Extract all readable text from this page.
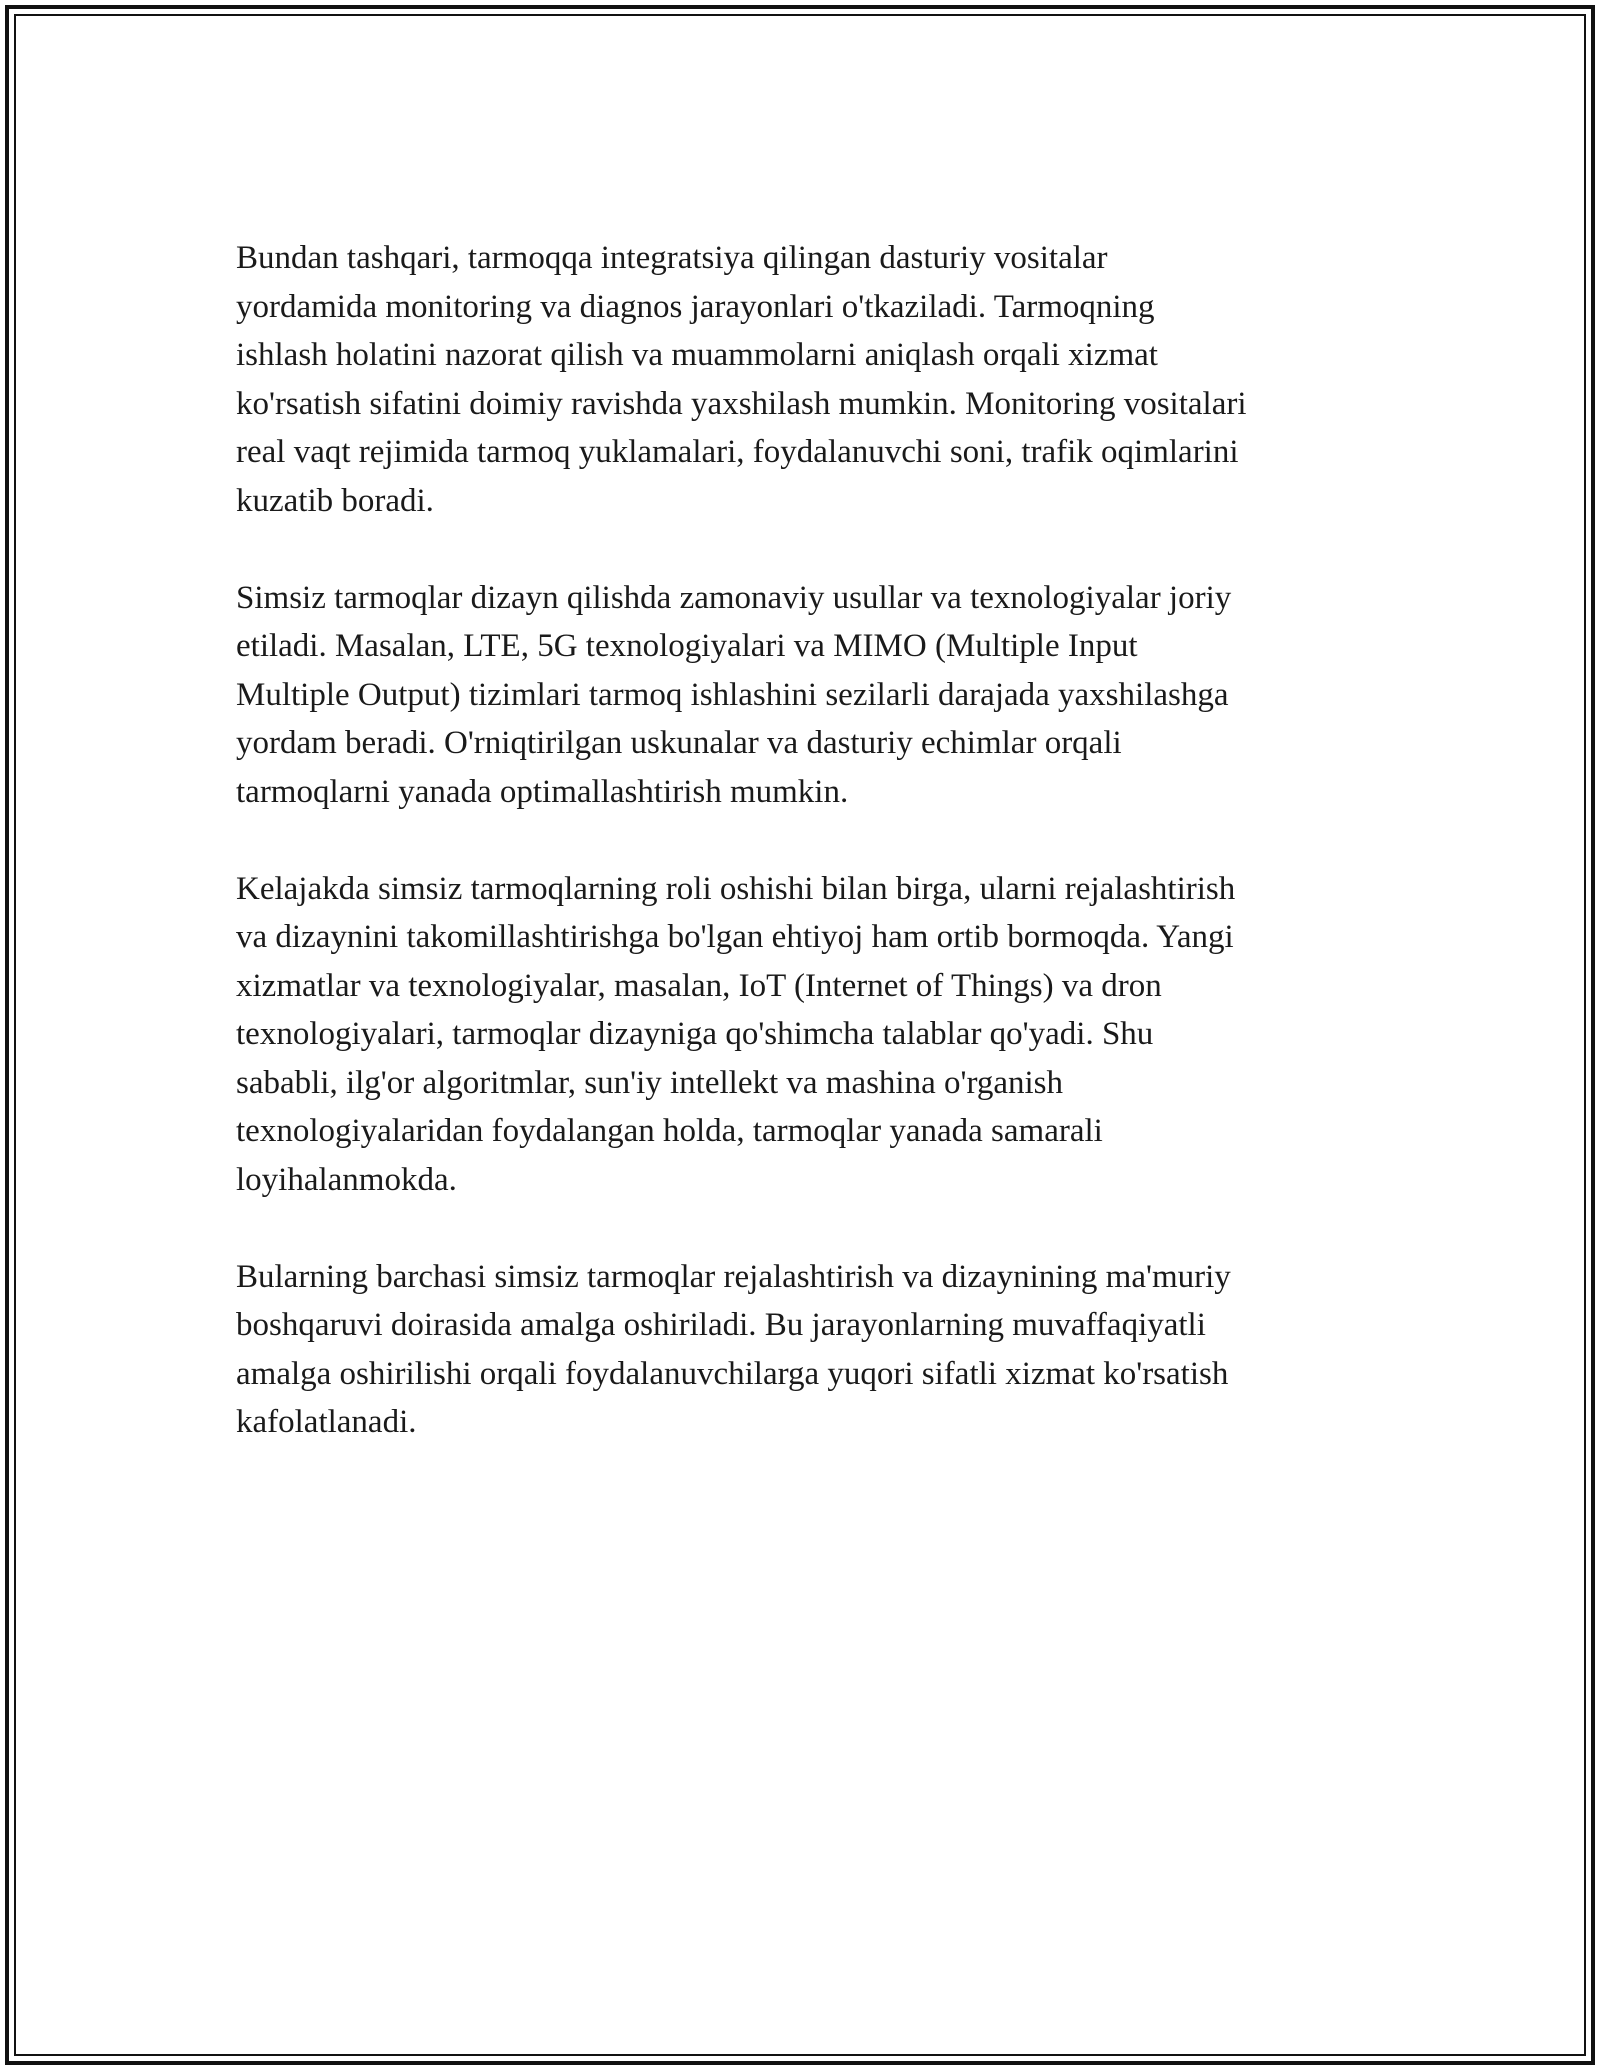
Bundan tashqari, tarmoqqa integratsiya qilingan dasturiy vositalar
yordamida monitoring va diagnos jarayonlari o'tkaziladi. Tarmoqning
ishlash holatini nazorat qilish va muammolarni aniqlash orqali xizmat
ko'rsatish sifatini doimiy ravishda yaxshilash mumkin. Monitoring vositalari
real vaqt rejimida tarmoq yuklamalari, foydalanuvchi soni, trafik oqimlarini
kuzatib boradi.

Simsiz tarmoqlar dizayn qilishda zamonaviy usullar va texnologiyalar joriy
etiladi. Masalan, LTE, 5G texnologiyalari va MIMO (Multiple Input
Multiple Output) tizimlari tarmoq ishlashini sezilarli darajada yaxshilashga
yordam beradi. O'rniqtirilgan uskunalar va dasturiy echimlar orqali
tarmoqlarni yanada optimallashtirish mumkin.

Kelajakda simsiz tarmoqlarning roli oshishi bilan birga, ularni rejalashtirish
va dizaynini takomillashtirishga bo'lgan ehtiyoj ham ortib bormoqda. Yangi
xizmatlar va texnologiyalar, masalan, IoT (Internet of Things) va dron
texnologiyalari, tarmoqlar dizayniga qo'shimcha talablar qo'yadi. Shu
sababli, ilg'or algoritmlar, sun'iy intellekt va mashina o'rganish
texnologiyalaridan foydalangan holda, tarmoqlar yanada samarali
loyihalanmokda.

Bularning barchasi simsiz tarmoqlar rejalashtirish va dizaynining ma'muriy
boshqaruvi doirasida amalga oshiriladi. Bu jarayonlarning muvaffaqiyatli
amalga oshirilishi orqali foydalanuvchilarga yuqori sifatli xizmat ko'rsatish
kafolatlanadi.
